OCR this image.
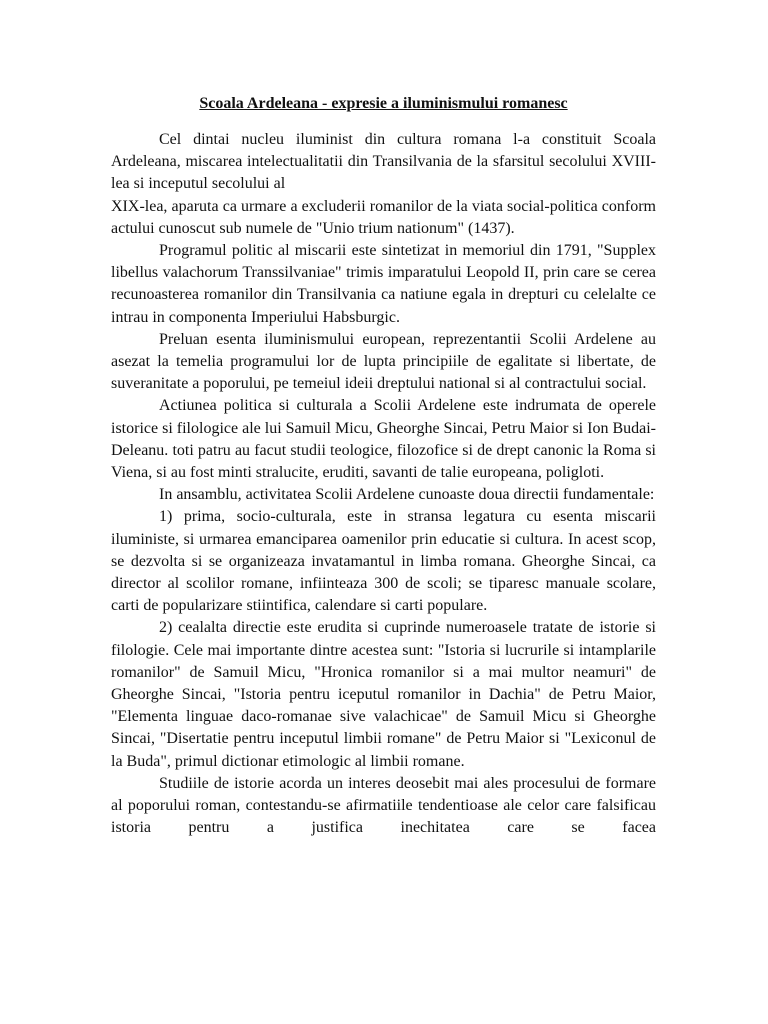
Scoala Ardeleana - expresie a iluminismului romanesc

Cel dintai nucleu iluminist din cultura romana l-a constituit Scoala Ardeleana, miscarea intelectualitatii din Transilvania de la sfarsitul secolului XVIII-lea si inceputul secolului al

XIX-lea, aparuta ca urmare a excluderii romanilor de la viata social-politica conform actului cunoscut sub numele de "Unio trium nationum" (1437).

Programul politic al miscarii este sintetizat in memoriul din 1791, "Supplex libellus valachorum Transsilvaniae" trimis imparatului Leopold II, prin care se cerea recunoasterea romanilor din Transilvania ca natiune egala in drepturi cu celelalte ce intrau in componenta Imperiului Habsburgic.

Preluan esenta iluminismului european, reprezentantii Scolii Ardelene au asezat la temelia programului lor de lupta principiile de egalitate si libertate, de suveranitate a poporului, pe temeiul ideii dreptului national si al contractului social.

Actiunea politica si culturala a Scolii Ardelene este indrumata de operele istorice si filologice ale lui Samuil Micu, Gheorghe Sincai, Petru Maior si Ion Budai-Deleanu. toti patru au facut studii teologice, filozofice si de drept canonic la Roma si Viena, si au fost minti stralucite, eruditi, savanti de talie europeana, poligloti.

In ansamblu, activitatea Scolii Ardelene cunoaste doua directii fundamentale:

1) prima, socio-culturala, este in stransa legatura cu esenta miscarii iluministe, si urmarea emanciparea oamenilor prin educatie si cultura. In acest scop, se dezvolta si se organizeaza invatamantul in limba romana. Gheorghe Sincai, ca director al scolilor romane, infiinteaza 300 de scoli; se tiparesc manuale scolare, carti de popularizare stiintifica, calendare si carti populare.

2) cealalta directie este erudita si cuprinde numeroasele tratate de istorie si filologie. Cele mai importante dintre acestea sunt: "Istoria si lucrurile si intamplarile romanilor" de Samuil Micu, "Hronica romanilor si a mai multor neamuri" de Gheorghe Sincai, "Istoria pentru iceputul romanilor in Dachia" de Petru Maior, "Elementa linguae daco-romanae sive valachicae" de Samuil Micu si Gheorghe Sincai, "Disertatie pentru inceputul limbii romane" de Petru Maior si "Lexiconul de la Buda", primul dictionar etimologic al limbii romane.

Studiile de istorie acorda un interes deosebit mai ales procesului de formare al poporului roman, contestandu-se afirmatiile tendentioase ale celor care falsificau istoria pentru a justifica inechitatea care se facea
